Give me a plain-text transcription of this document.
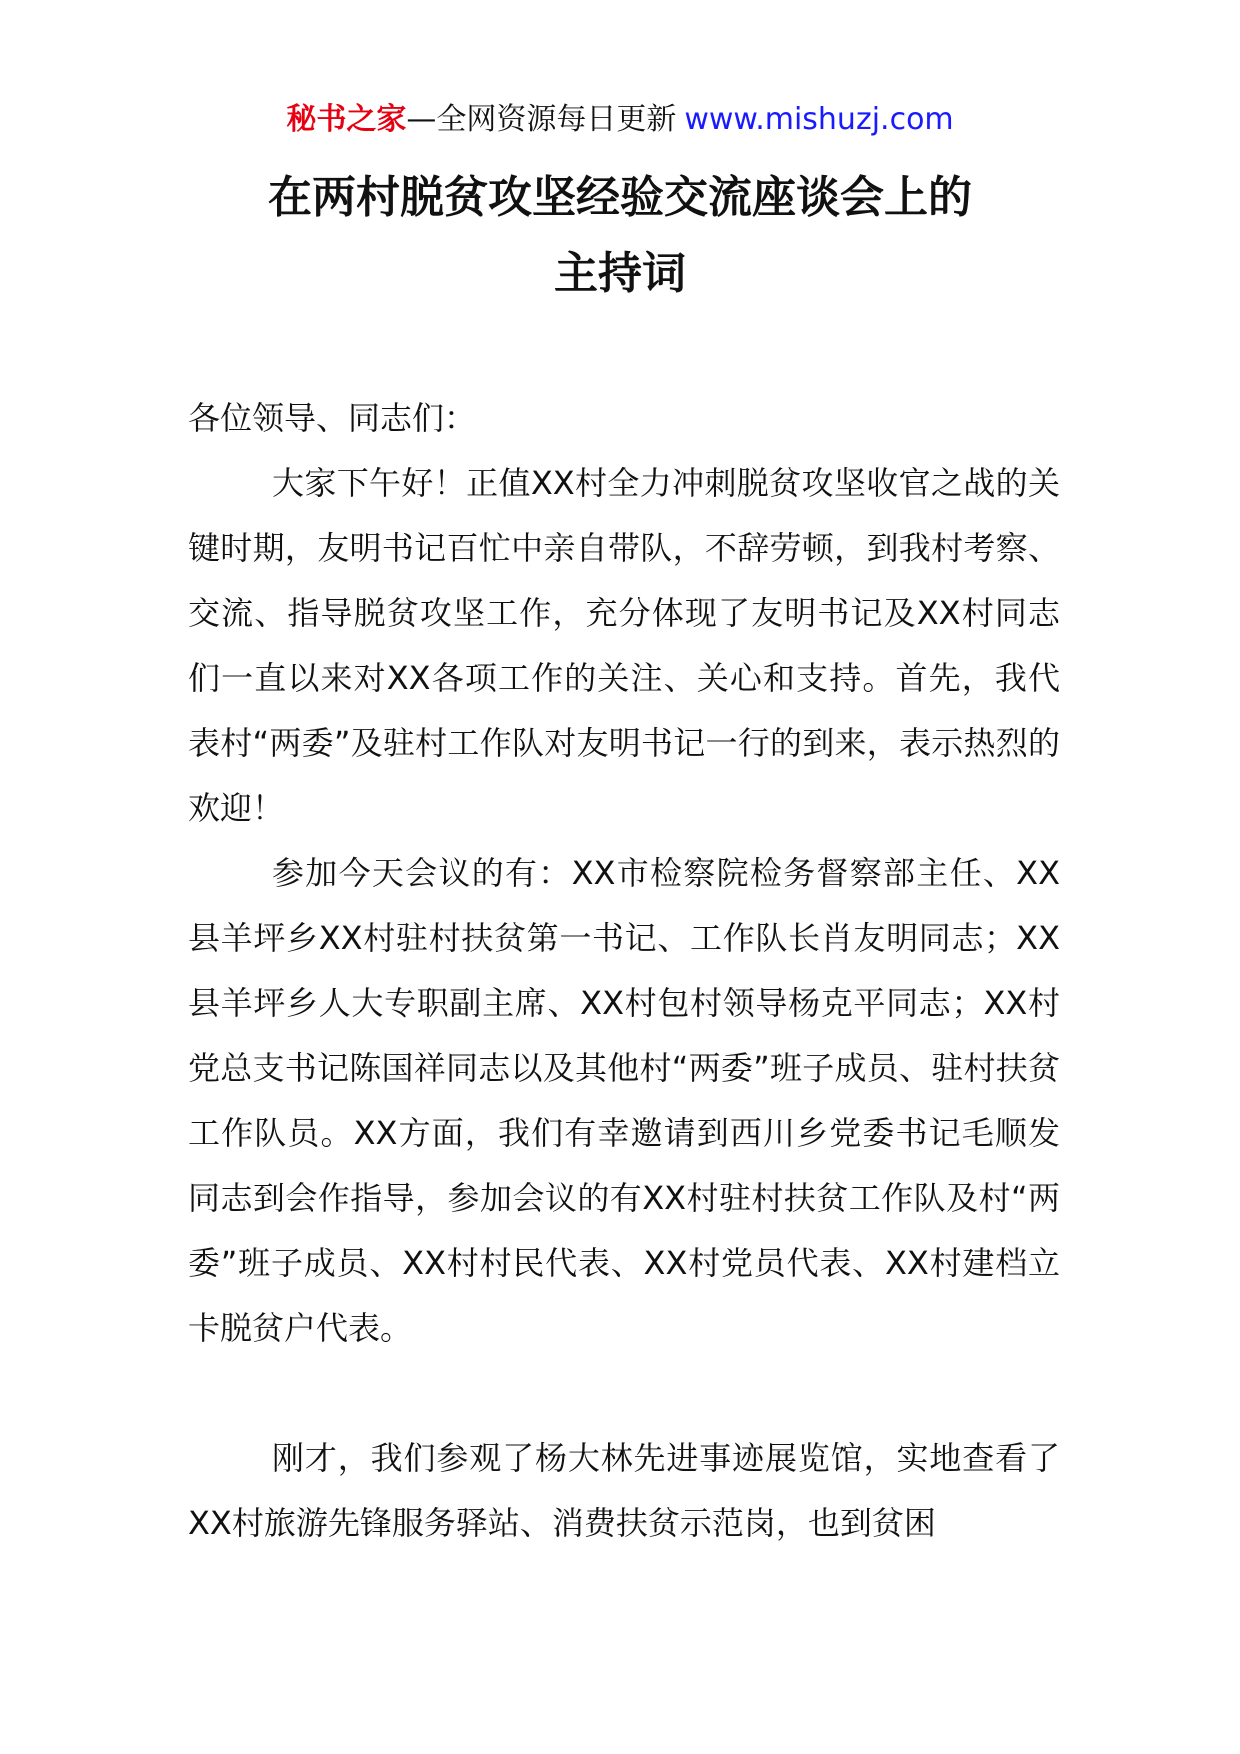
秘书之家—全网资源每日更新 www.mishuzj.com
在两村脱贫攻坚经验交流座谈会上的
主持词

各位领导、同志们：

大家下午好！正值XX村全力冲刺脱贫攻坚收官之战的关键时期，友明书记百忙中亲自带队，不辞劳顿，到我村考察、交流、指导脱贫攻坚工作，充分体现了友明书记及XX村同志们一直以来对XX各项工作的关注、关心和支持。首先，我代表村“两委”及驻村工作队对友明书记一行的到来，表示热烈的欢迎！

参加今天会议的有：XX市检察院检务督察部主任、XX县羊坪乡XX村驻村扶贫第一书记、工作队长肖友明同志；XX县羊坪乡人大专职副主席、XX村包村领导杨克平同志；XX村党总支书记陈国祥同志以及其他村“两委”班子成员、驻村扶贫工作队员。XX方面，我们有幸邀请到西川乡党委书记毛顺发同志到会作指导，参加会议的有XX村驻村扶贫工作队及村“两委”班子成员、XX村村民代表、XX村党员代表、XX村建档立卡脱贫户代表。

刚才，我们参观了杨大林先进事迹展览馆，实地查看了XX村旅游先锋服务驿站、消费扶贫示范岗，也到贫困
